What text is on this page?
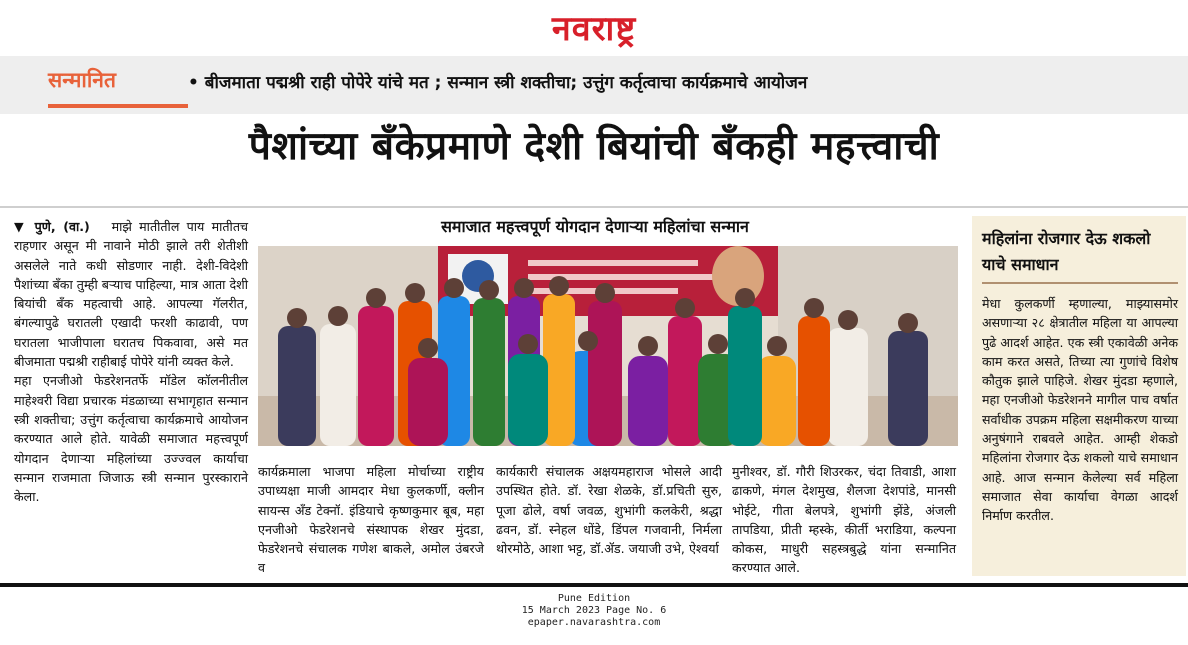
नवराष्ट्र
सन्मानित	• बीजमाता पद्मश्री राही पोपेरे यांचे मत ; सन्मान स्त्री शक्तीचा; उत्तुंग कर्तृत्वाचा कार्यक्रमाचे आयोजन
पैशांच्या बँकेप्रमाणे देशी बियांची बँकही महत्त्वाची

▼ पुणे, (वा.) माझे मातीतील पाय मातीतच राहणार असून मी नावाने मोठी झाले तरी शेतीशी असलेले नाते कधी सोडणार नाही. देशी-विदेशी पैशांच्या बँका तुम्ही बऱ्याच पाहिल्या, मात्र आता देशी बियांची बँक महत्वाची आहे. आपल्या गॅलरीत, बंगल्यापुढे घरातली एखादी फरशी काढावी, पण घरातला भाजीपाला घरातच पिकवावा, असे मत बीजमाता पद्मश्री राहीबाई पोपेरे यांनी व्यक्त केले.

महा एनजीओ फेडरेशनतर्फे मॉडेल कॉलनीतील माहेश्वरी विद्या प्रचारक मंडळाच्या सभागृहात सन्मान स्त्री शक्तीचा; उत्तुंग कर्तृत्वाचा कार्यक्रमाचे आयोजन करण्यात आले होते. यावेळी समाजात महत्त्वपूर्ण योगदान देणाऱ्या महिलांच्या उज्ज्वल कार्याचा सन्मान राजमाता जिजाऊ स्त्री सन्मान पुरस्काराने केला.

समाजात महत्त्वपूर्ण योगदान देणाऱ्या महिलांचा सन्मान
कार्यक्रमाला भाजपा महिला मोर्चाच्या राष्ट्रीय उपाध्यक्षा माजी आमदार मेधा कुलकर्णी, क्लीन सायन्स अँड टेक्नॉ. इंडियाचे कृष्णकुमार बूब, महा एनजीओ फेडरेशनचे संस्थापक शेखर मुंदडा, फेडरेशनचे संचालक गणेश बाकले, अमोल उंबरजे व
कार्यकारी संचालक अक्षयमहाराज भोसले आदी उपस्थित होते. डॉ. रेखा शेळके, डॉ.प्रचिती सुरु, पूजा ढोले, वर्षा जवळ, शुभांगी कलकेरी, श्रद्धा ढवन, डॉ. स्नेहल धोंडे, डिंपल गजवानी, निर्मला थोरमोठे, आशा भट्ट, डॉ.ॲड. जयाजी उभे, ऐश्वर्या
मुनीश्वर, डॉ. गौरी शिउरकर, चंदा तिवाडी, आशा ढाकणे, मंगल देशमुख, शैलजा देशपांडे, मानसी भोईटे, गीता बेलपत्रे, शुभांगी झेंडे, अंजली तापडिया, प्रीती म्हस्के, कीर्ती भराडिया, कल्पना कोकस, माधुरी सहस्त्रबुद्धे यांना सन्मानित करण्यात आले.
महिलांना रोजगार देऊ शकलो याचे समाधान
मेधा कुलकर्णी म्हणाल्या, माझ्यासमोर असणाऱ्या २८ क्षेत्रातील महिला या आपल्या पुढे आदर्श आहेत. एक स्त्री एकावेळी अनेक काम करत असते, तिच्या त्या गुणांचे विशेष कौतुक झाले पाहिजे. शेखर मुंदडा म्हणाले, महा एनजीओ फेडरेशनने मागील पाच वर्षात सर्वाधीक उपक्रम महिला सक्षमीकरण याच्या अनुषंगाने राबवले आहेत. आम्ही शेकडो महिलांना रोजगार देऊ शकलो याचे समाधान आहे. आज सन्मान केलेल्या सर्व महिला समाजात सेवा कार्याचा वेगळा आदर्श निर्माण करतील.
Pune Edition
15 March 2023 Page No. 6
epaper.navarashtra.com
